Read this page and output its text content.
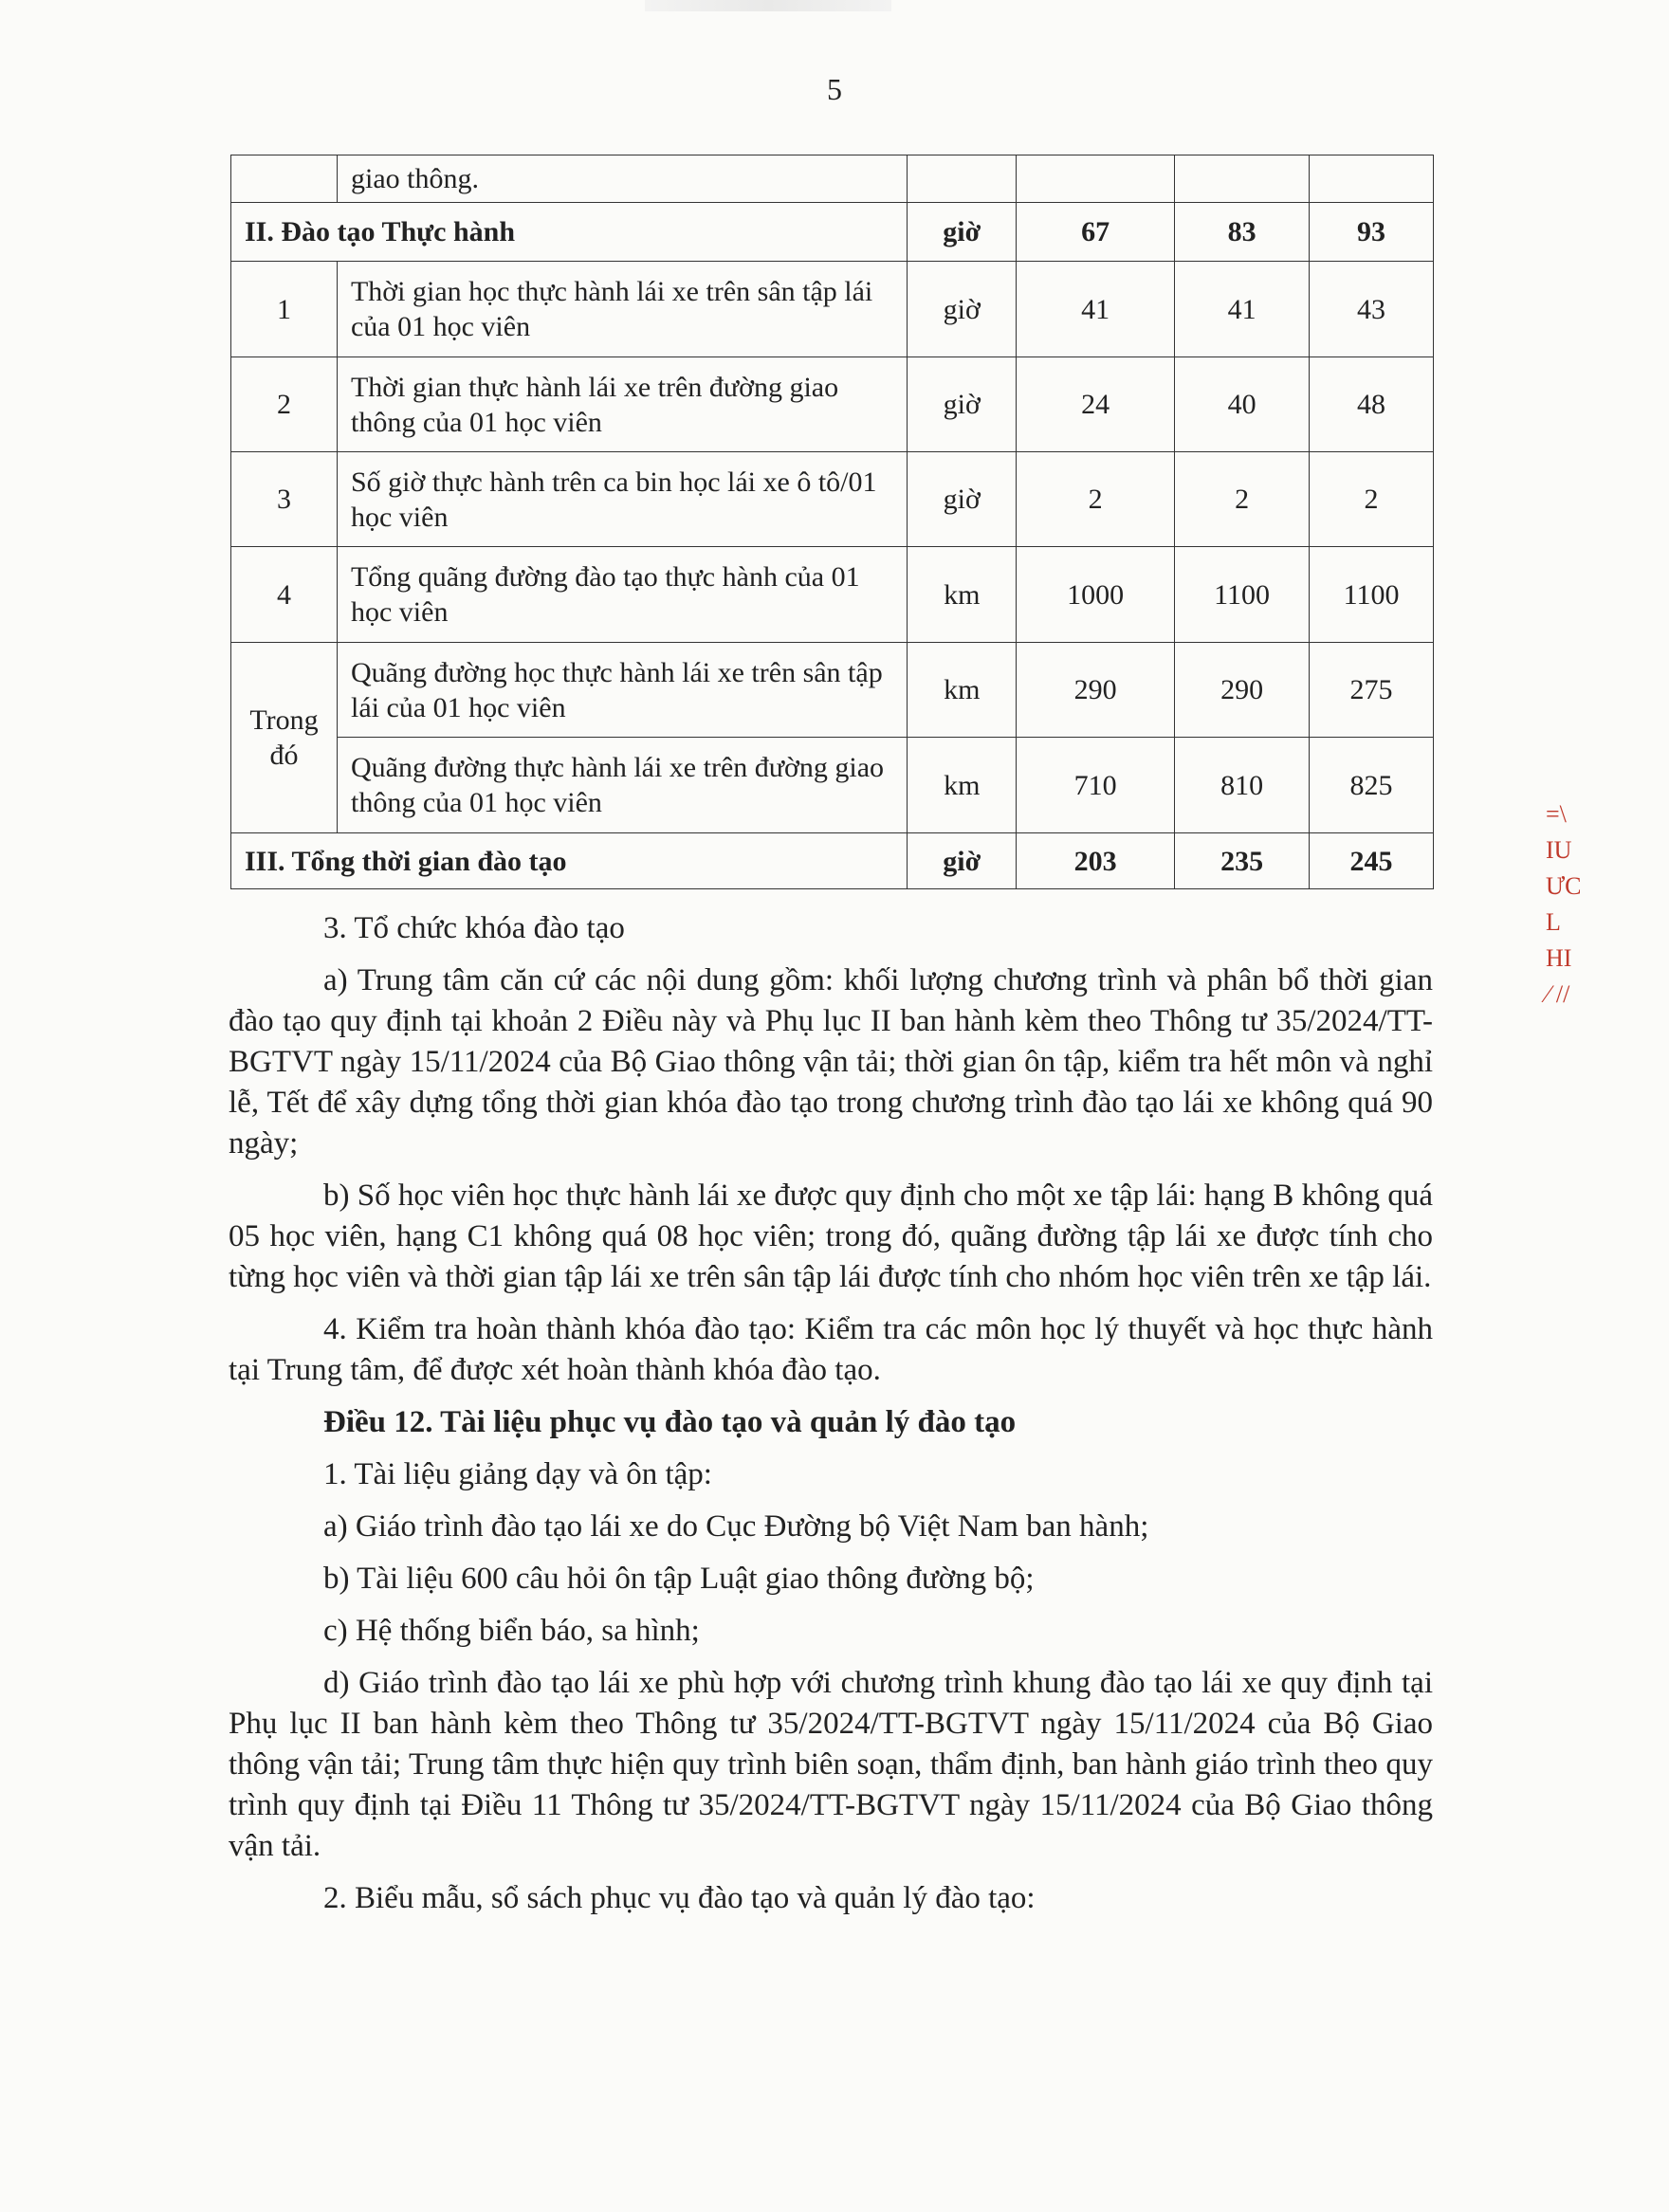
5
	giao thông.				
II. Đào tạo Thực hành		giờ	67	83	93
1	Thời gian học thực hành lái xe trên sân tập lái của 01 học viên	giờ	41	41	43
2	Thời gian thực hành lái xe trên đường giao thông của 01 học viên	giờ	24	40	48
3	Số giờ thực hành trên ca bin học lái xe ô tô/01 học viên	giờ	2	2	2
4	Tổng quãng đường đào tạo thực hành của 01 học viên	km	1000	1100	1100
Trong đó	Quãng đường học thực hành lái xe trên sân tập lái của 01 học viên	km	290	290	275
	Quãng đường thực hành lái xe trên đường giao thông của 01 học viên	km	710	810	825
III. Tổng thời gian đào tạo		giờ	203	235	245

3. Tổ chức khóa đào tạo

a) Trung tâm căn cứ các nội dung gồm: khối lượng chương trình và phân bổ thời gian đào tạo quy định tại khoản 2 Điều này và Phụ lục II ban hành kèm theo Thông tư 35/2024/TT-BGTVT ngày 15/11/2024 của Bộ Giao thông vận tải; thời gian ôn tập, kiểm tra hết môn và nghỉ lễ, Tết để xây dựng tổng thời gian khóa đào tạo trong chương trình đào tạo lái xe không quá 90 ngày;

b) Số học viên học thực hành lái xe được quy định cho một xe tập lái: hạng B không quá 05 học viên, hạng C1 không quá 08 học viên; trong đó, quãng đường tập lái xe được tính cho từng học viên và thời gian tập lái xe trên sân tập lái được tính cho nhóm học viên trên xe tập lái.

4. Kiểm tra hoàn thành khóa đào tạo: Kiểm tra các môn học lý thuyết và học thực hành tại Trung tâm, để được xét hoàn thành khóa đào tạo.

Điều 12. Tài liệu phục vụ đào tạo và quản lý đào tạo

1. Tài liệu giảng dạy và ôn tập:

a) Giáo trình đào tạo lái xe do Cục Đường bộ Việt Nam ban hành;

b) Tài liệu 600 câu hỏi ôn tập Luật giao thông đường bộ;

c) Hệ thống biển báo, sa hình;

d) Giáo trình đào tạo lái xe phù hợp với chương trình khung đào tạo lái xe quy định tại Phụ lục II ban hành kèm theo Thông tư 35/2024/TT-BGTVT ngày 15/11/2024 của Bộ Giao thông vận tải; Trung tâm thực hiện quy trình biên soạn, thẩm định, ban hành giáo trình theo quy trình quy định tại Điều 11 Thông tư 35/2024/TT-BGTVT ngày 15/11/2024 của Bộ Giao thông vận tải.

2. Biểu mẫu, sổ sách phục vụ đào tạo và quản lý đào tạo:

=\ IU ƯC L HI ⁄ //
